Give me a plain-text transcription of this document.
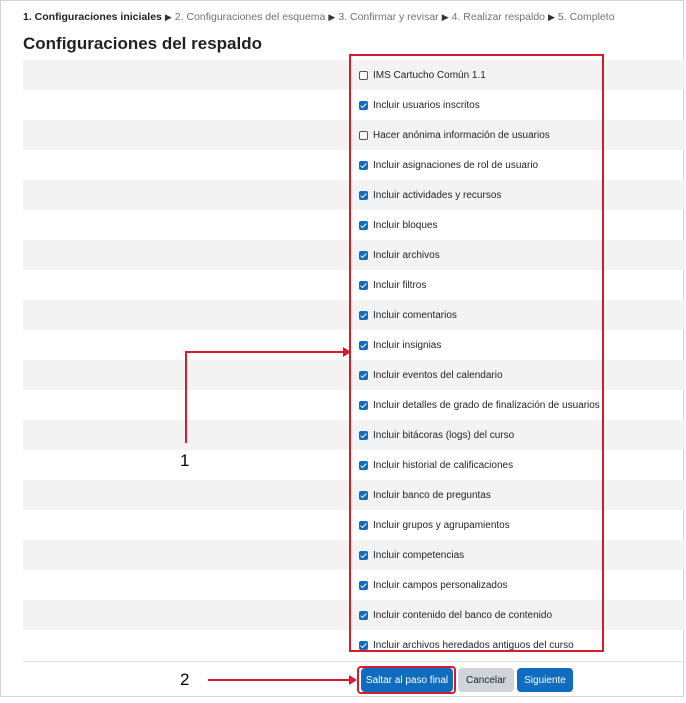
1. Configuraciones iniciales ▶ 2. Configuraciones del esquema ▶ 3. Confirmar y revisar ▶ 4. Realizar respaldo ▶ 5. Completo
Configuraciones del respaldo
IMS Cartucho Común 1.1
Incluir usuarios inscritos
Hacer anónima información de usuarios
Incluir asignaciones de rol de usuario
Incluir actividades y recursos
Incluir bloques
Incluir archivos
Incluir filtros
Incluir comentarios
Incluir insignias
Incluir eventos del calendario
Incluir detalles de grado de finalización de usuarios
Incluir bitácoras (logs) del curso
Incluir historial de calificaciones
Incluir banco de preguntas
Incluir grupos y agrupamientos
Incluir competencias
Incluir campos personalizados
Incluir contenido del banco de contenido
Incluir archivos heredados antiguos del curso
Saltar al paso final	Cancelar	Siguiente
1
2
